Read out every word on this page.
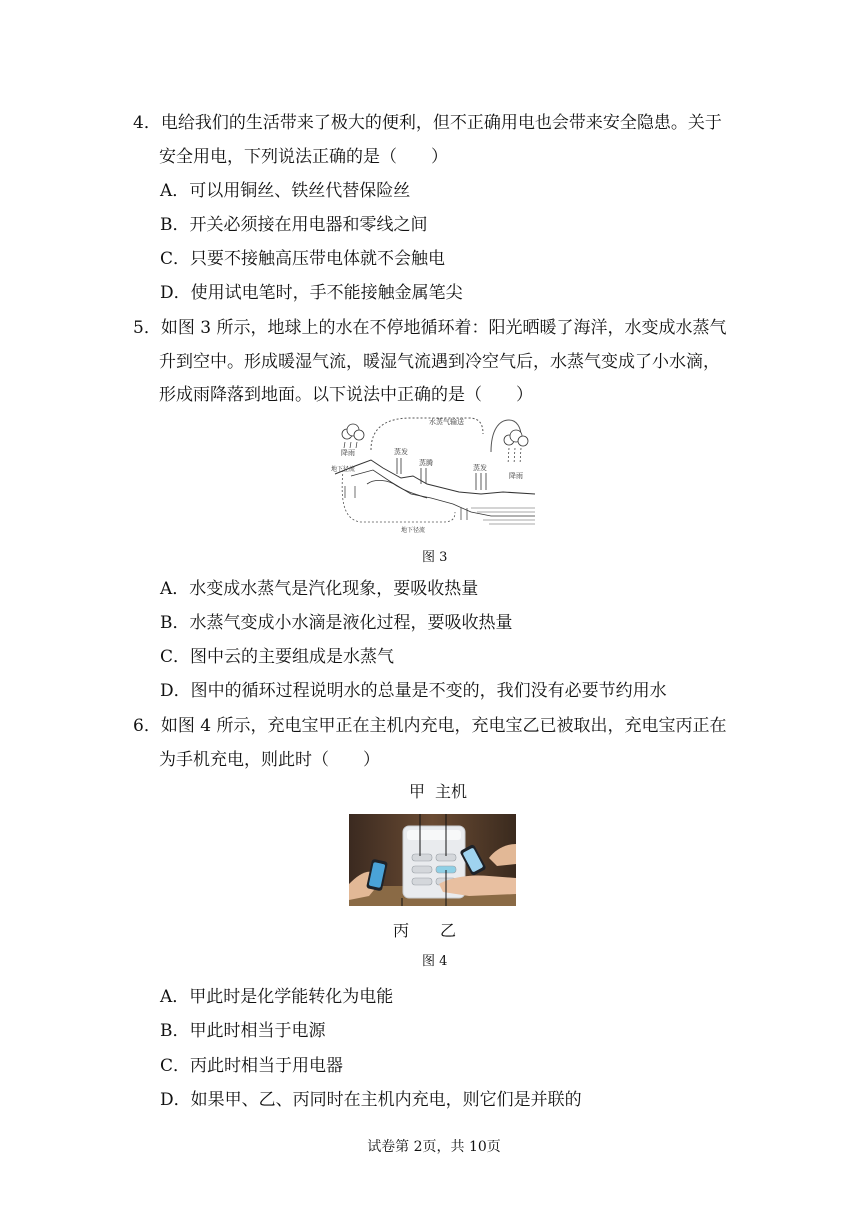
4．电给我们的生活带来了极大的便利，但不正确用电也会带来安全隐患。关于
安全用电，下列说法正确的是（　　）
A．可以用铜丝、铁丝代替保险丝
B．开关必须接在用电器和零线之间
C．只要不接触高压带电体就不会触电
D．使用试电笔时，手不能接触金属笔尖
5．如图 3 所示，地球上的水在不停地循环着：阳光晒暖了海洋，水变成水蒸气
升到空中。形成暖湿气流，暖湿气流遇到冷空气后，水蒸气变成了小水滴，
形成雨降落到地面。以下说法中正确的是（　　）
水蒸气输送
降雨
降雨
蒸发
蒸腾
蒸发
地下径流
地下径流
图 3
A．水变成水蒸气是汽化现象，要吸收热量
B．水蒸气变成小水滴是液化过程，要吸收热量
C．图中云的主要组成是水蒸气
D．图中的循环过程说明水的总量是不变的，我们没有必要节约用水
6．如图 4 所示，充电宝甲正在主机内充电，充电宝乙已被取出，充电宝丙正在
为手机充电，则此时（　　）
甲 主机
丙 乙
图 4
A．甲此时是化学能转化为电能
B．甲此时相当于电源
C．丙此时相当于用电器
D．如果甲、乙、丙同时在主机内充电，则它们是并联的
试卷第 2页，共 10页
